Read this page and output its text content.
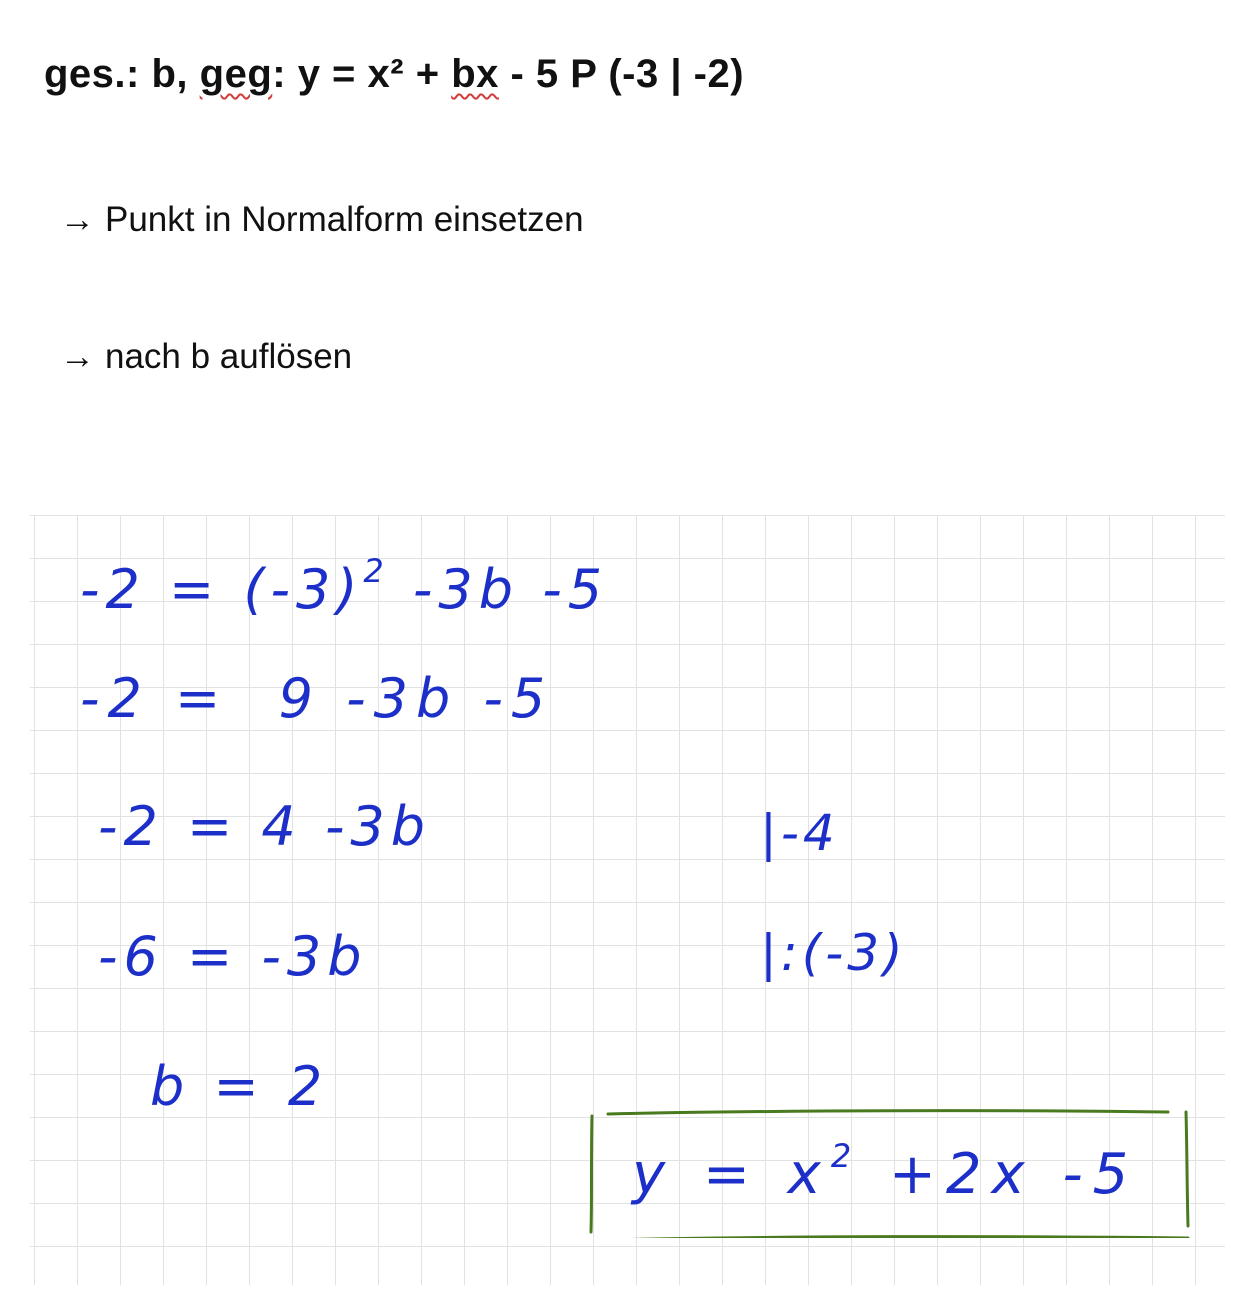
ges.: b, geg: y = x² + bx - 5 P (-3 | -2)
→ Punkt in Normalform einsetzen
→ nach b auflösen
$-2 = (-3)^2$ -3b -5
-2 =  9 -3b -5
-2 = 4 -3b
-6 = -3b
b = 2
|-4
|:(-3)
$y = x^2 +2x$ -5
